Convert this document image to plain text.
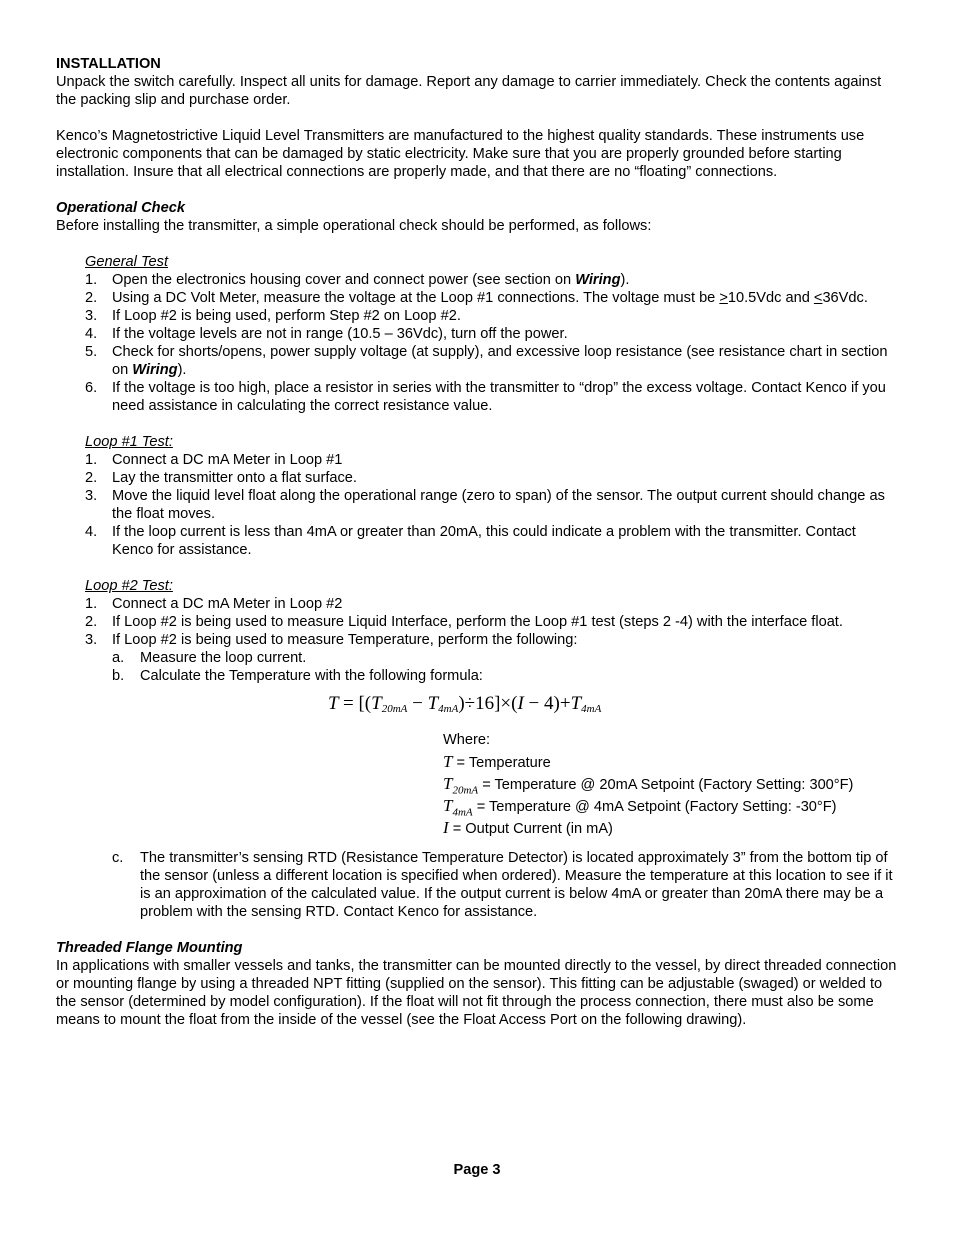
INSTALLATION

Unpack the switch carefully. Inspect all units for damage. Report any damage to carrier immediately. Check the contents against the packing slip and purchase order.

Kenco’s Magnetostrictive Liquid Level Transmitters are manufactured to the highest quality standards. These instruments use electronic components that can be damaged by static electricity. Make sure that you are properly grounded before starting installation. Insure that all electrical connections are properly made, and that there are no “floating” connections.

Operational Check

Before installing the transmitter, a simple operational check should be performed, as follows:

General Test

1. Open the electronics housing cover and connect power (see section on Wiring).
2. Using a DC Volt Meter, measure the voltage at the Loop #1 connections. The voltage must be ≥10.5Vdc and ≤36Vdc.
3. If Loop #2 is being used, perform Step #2 on Loop #2.
4. If the voltage levels are not in range (10.5 – 36Vdc), turn off the power.
5. Check for shorts/opens, power supply voltage (at supply), and excessive loop resistance (see resistance chart in section on Wiring).
6. If the voltage is too high, place a resistor in series with the transmitter to “drop” the excess voltage. Contact Kenco if you need assistance in calculating the correct resistance value.

Loop #1 Test:

1. Connect a DC mA Meter in Loop #1
2. Lay the transmitter onto a flat surface.
3. Move the liquid level float along the operational range (zero to span) of the sensor. The output current should change as the float moves.
4. If the loop current is less than 4mA or greater than 20mA, this could indicate a problem with the transmitter. Contact Kenco for assistance.

Loop #2 Test:

1. Connect a DC mA Meter in Loop #2
2. If Loop #2 is being used to measure Liquid Interface, perform the Loop #1 test (steps 2 -4) with the interface float.
3. If Loop #2 is being used to measure Temperature, perform the following:
a. Measure the loop current.
b. Calculate the Temperature with the following formula:
$T = [(T_{20mA} - T_{4mA})\div 16]\times(I - 4)+T_{4mA}$
Where:
T = Temperature
$T_{20mA}$ = Temperature @ 20mA Setpoint (Factory Setting: 300°F)
$T_{4mA}$ = Temperature @ 4mA Setpoint (Factory Setting: -30°F)
I = Output Current (in mA)
c. The transmitter’s sensing RTD (Resistance Temperature Detector) is located approximately 3” from the bottom tip of the sensor (unless a different location is specified when ordered). Measure the temperature at this location to see if it is an approximation of the calculated value. If the output current is below 4mA or greater than 20mA there may be a problem with the sensing RTD. Contact Kenco for assistance.

Threaded Flange Mounting

In applications with smaller vessels and tanks, the transmitter can be mounted directly to the vessel, by direct threaded connection or mounting flange by using a threaded NPT fitting (supplied on the sensor). This fitting can be adjustable (swaged) or welded to the sensor (determined by model configuration). If the float will not fit through the process connection, there must also be some means to mount the float from the inside of the vessel (see the Float Access Port on the following drawing).

Page 3
